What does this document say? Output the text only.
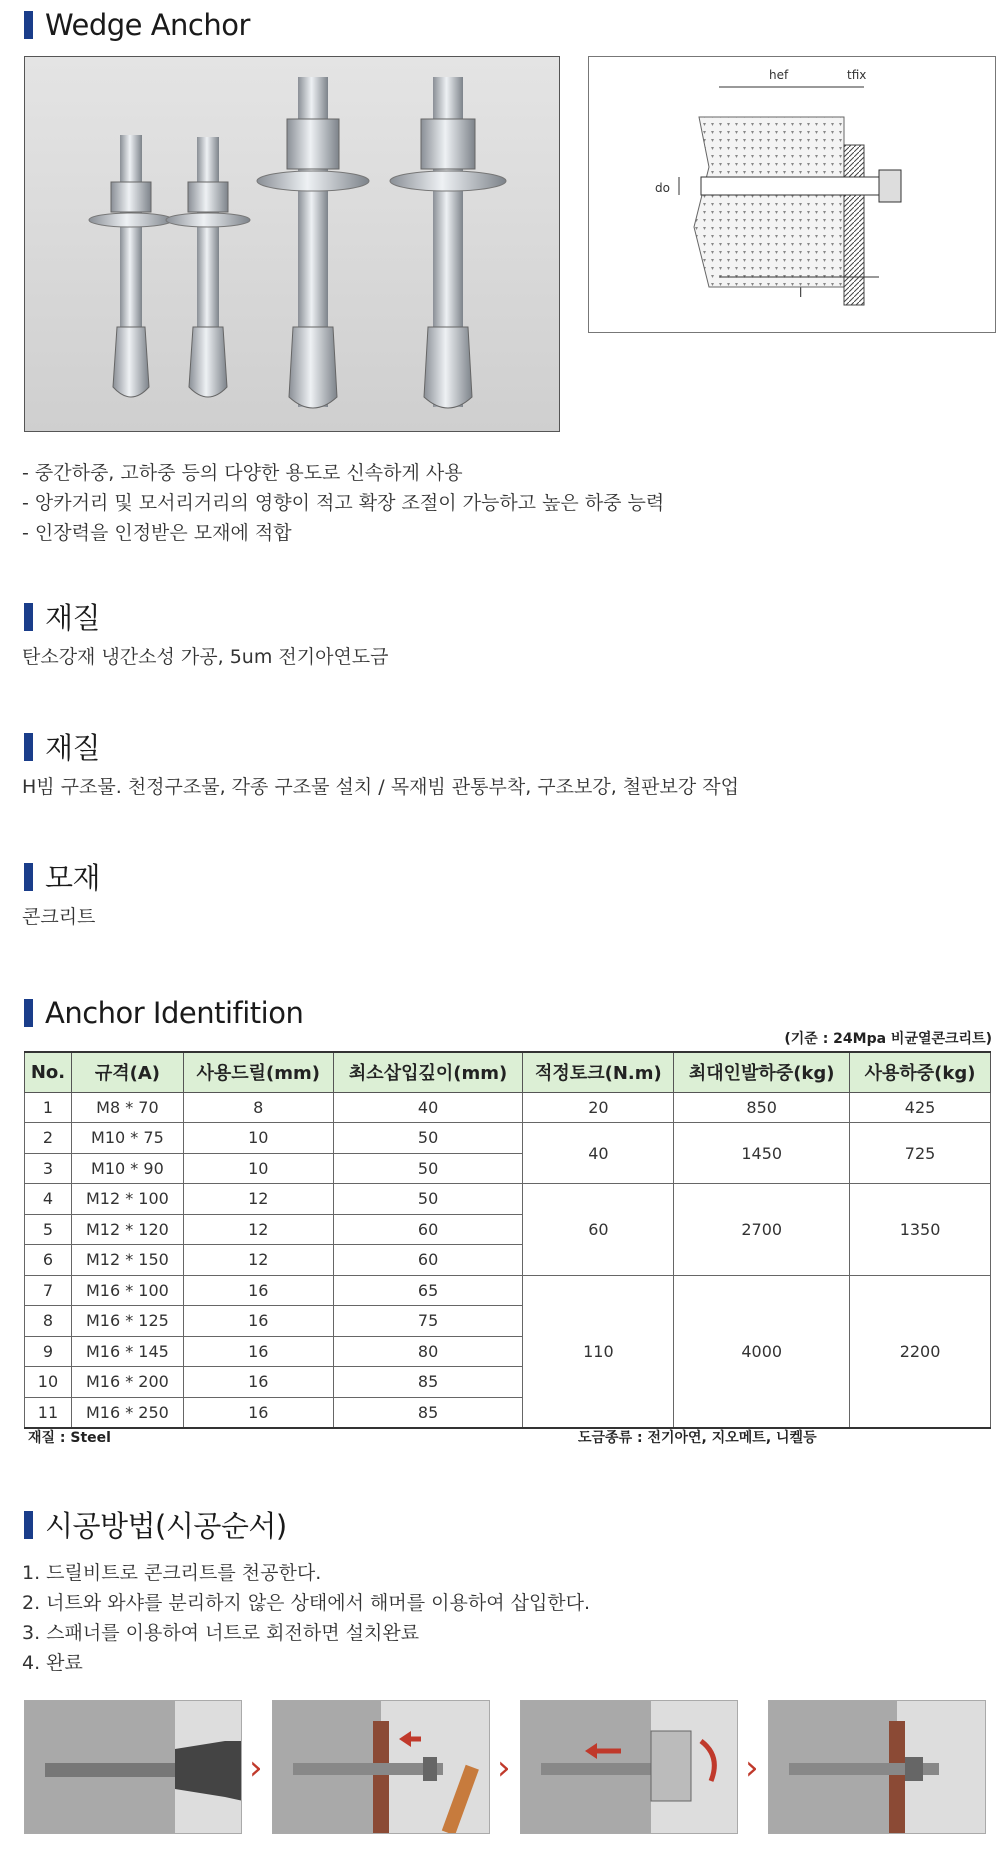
Wedge Anchor
hef	tfix
do
l
- 중간하중, 고하중 등의 다양한 용도로 신속하게 사용
- 앙카거리 및 모서리거리의 영향이 적고 확장 조절이 가능하고 높은 하중 능력
- 인장력을 인정받은 모재에 적합
재질
탄소강재 냉간소성 가공, 5um 전기아연도금
재질
H빔 구조물. 천정구조물, 각종 구조물 설치 / 목재빔 관통부착, 구조보강, 철판보강 작업
모재
콘크리트
Anchor Identifition
(기준 : 24Mpa 비균열콘크리트)
No.	규격(A)	사용드릴(mm)	최소삽입깊이(mm)	적정토크(N.m)	최대인발하중(kg)	사용하중(kg)
1	M8 * 70	8	40	20	850	425
2	M10 * 75	10	50	40	1450	725
3	M10 * 90	10	50			
4	M12 * 100	12	50	60	2700	1350
5	M12 * 120	12	60			
6	M12 * 150	12	60			
7	M16 * 100	16	65	110	4000	2200
8	M16 * 125	16	75			
9	M16 * 145	16	80			
10	M16 * 200	16	85			
11	M16 * 250	16	85			
재질 : Steel	도금종류 : 전기아연, 지오메트, 니켈등
시공방법(시공순서)
1. 드릴비트로 콘크리트를 천공한다.
2. 너트와 와샤를 분리하지 않은 상태에서 해머를 이용하여 삽입한다.
3. 스패너를 이용하여 너트로 회전하면 설치완료
4. 완료
›	›	›
